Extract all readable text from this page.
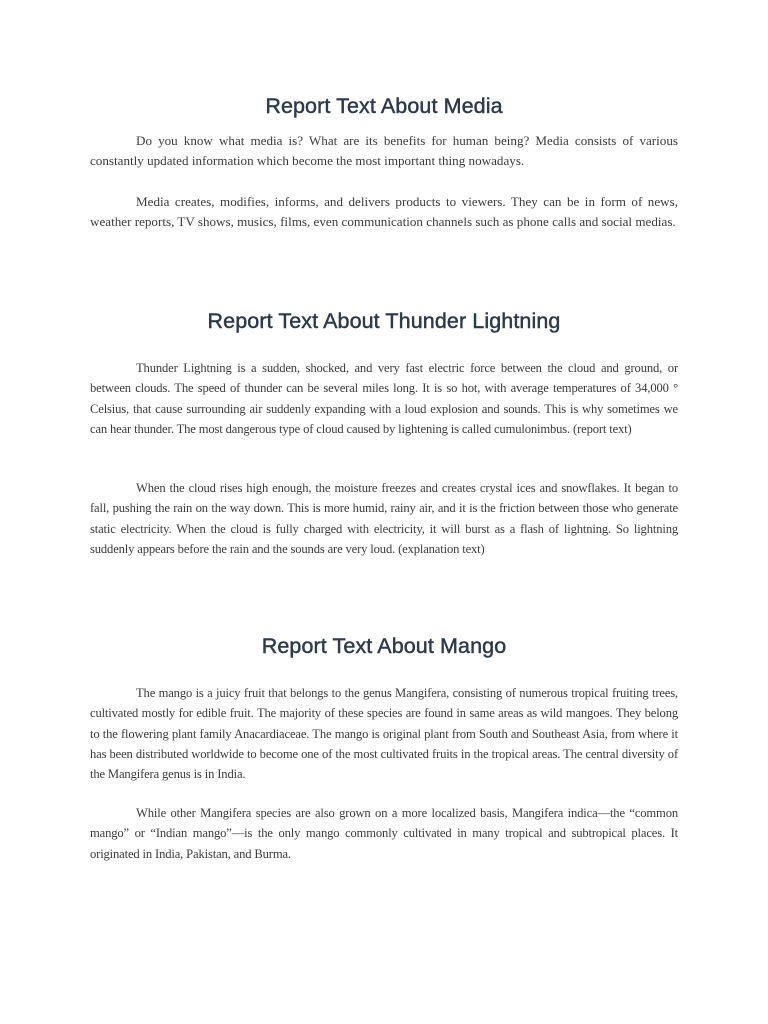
Report Text About Media

Do you know what media is? What are its benefits for human being? Media consists of various constantly updated information which become the most important thing nowadays.

Media creates, modifies, informs, and delivers products to viewers. They can be in form of news, weather reports, TV shows, musics, films, even communication channels such as phone calls and social medias.

Report Text About Thunder Lightning

Thunder Lightning is a sudden, shocked, and very fast electric force between the cloud and ground, or between clouds. The speed of thunder can be several miles long. It is so hot, with average temperatures of 34,000 ° Celsius, that cause surrounding air suddenly expanding with a loud explosion and sounds. This is why sometimes we can hear thunder. The most dangerous type of cloud caused by lightening is called cumulonimbus. (report text)

When the cloud rises high enough, the moisture freezes and creates crystal ices and snowflakes. It began to fall, pushing the rain on the way down. This is more humid, rainy air, and it is the friction between those who generate static electricity. When the cloud is fully charged with electricity, it will burst as a flash of lightning. So lightning suddenly appears before the rain and the sounds are very loud. (explanation text)

Report Text About Mango

The mango is a juicy fruit that belongs to the genus Mangifera, consisting of numerous tropical fruiting trees, cultivated mostly for edible fruit. The majority of these species are found in same areas as wild mangoes. They belong to the flowering plant family Anacardiaceae. The mango is original plant from South and Southeast Asia, from where it has been distributed worldwide to become one of the most cultivated fruits in the tropical areas. The central diversity of the Mangifera genus is in India.

While other Mangifera species are also grown on a more localized basis, Mangifera indica—the “common mango” or “Indian mango”—is the only mango commonly cultivated in many tropical and subtropical places. It originated in India, Pakistan, and Burma.
